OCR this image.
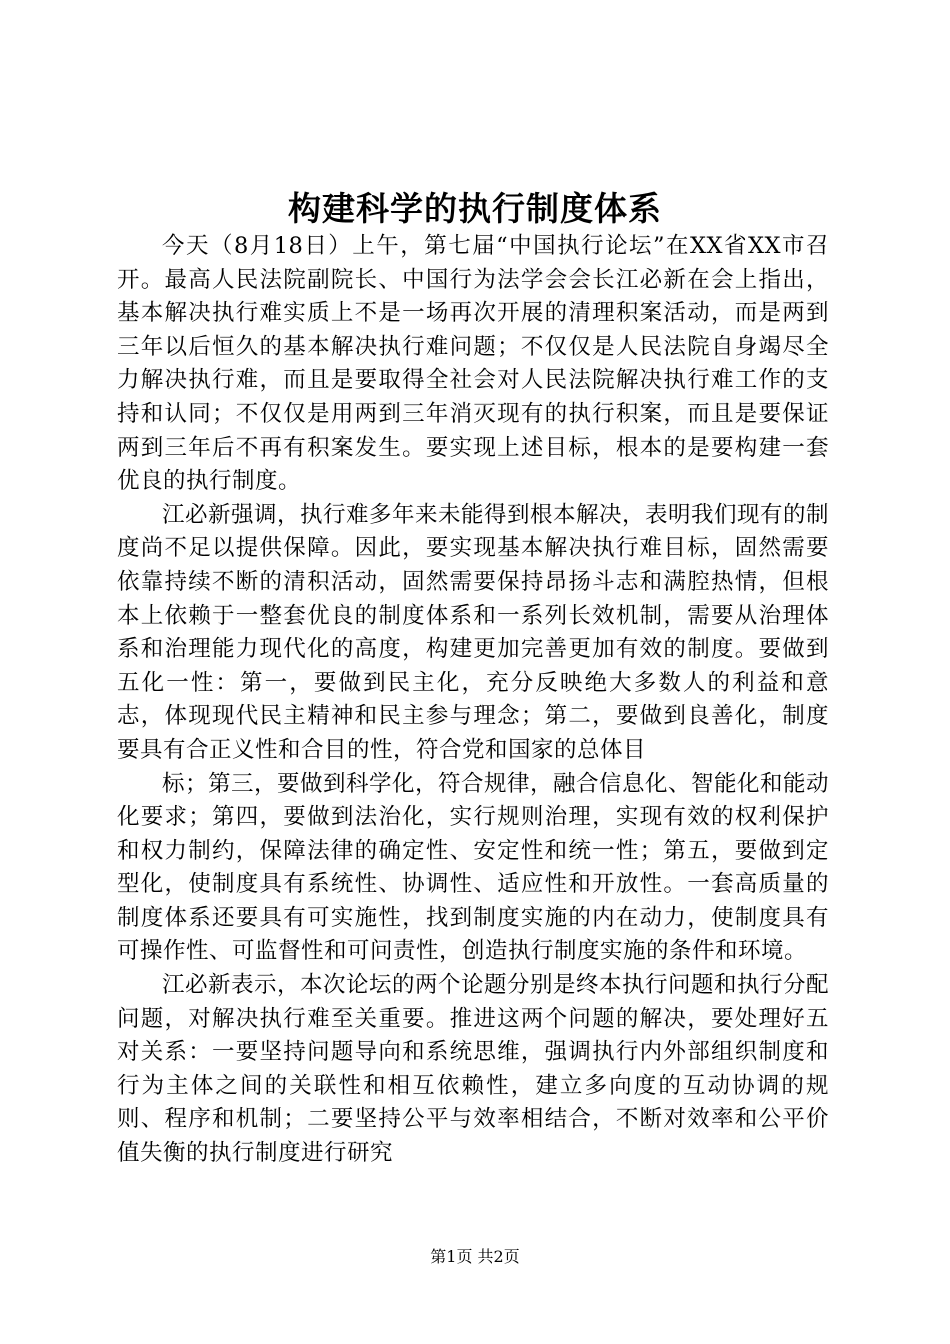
构建科学的执行制度体系

今天（8月18日）上午，第七届“中国执行论坛”在XX省XX市召开。最高人民法院副院长、中国行为法学会会长江必新在会上指出，基本解决执行难实质上不是一场再次开展的清理积案活动，而是两到三年以后恒久的基本解决执行难问题；不仅仅是人民法院自身竭尽全力解决执行难，而且是要取得全社会对人民法院解决执行难工作的支持和认同；不仅仅是用两到三年消灭现有的执行积案，而且是要保证两到三年后不再有积案发生。要实现上述目标，根本的是要构建一套优良的执行制度。

江必新强调，执行难多年来未能得到根本解决，表明我们现有的制度尚不足以提供保障。因此，要实现基本解决执行难目标，固然需要依靠持续不断的清积活动，固然需要保持昂扬斗志和满腔热情，但根本上依赖于一整套优良的制度体系和一系列长效机制，需要从治理体系和治理能力现代化的高度，构建更加完善更加有效的制度。要做到五化一性：第一，要做到民主化，充分反映绝大多数人的利益和意志，体现现代民主精神和民主参与理念；第二，要做到良善化，制度要具有合正义性和合目的性，符合党和国家的总体目

标；第三，要做到科学化，符合规律，融合信息化、智能化和能动化要求；第四，要做到法治化，实行规则治理，实现有效的权利保护和权力制约，保障法律的确定性、安定性和统一性；第五，要做到定型化，使制度具有系统性、协调性、适应性和开放性。一套高质量的制度体系还要具有可实施性，找到制度实施的内在动力，使制度具有可操作性、可监督性和可问责性，创造执行制度实施的条件和环境。

江必新表示，本次论坛的两个论题分别是终本执行问题和执行分配问题，对解决执行难至关重要。推进这两个问题的解决，要处理好五对关系：一要坚持问题导向和系统思维，强调执行内外部组织制度和行为主体之间的关联性和相互依赖性，建立多向度的互动协调的规则、程序和机制；二要坚持公平与效率相结合，不断对效率和公平价值失衡的执行制度进行研究

第1页 共2页
